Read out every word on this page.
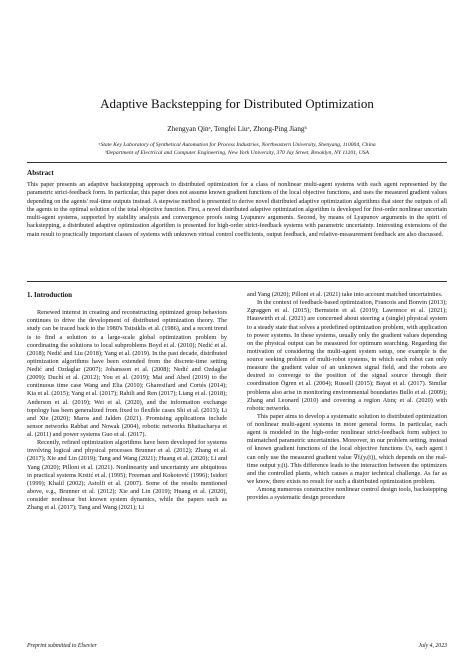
Adaptive Backstepping for Distributed Optimization
Zhengyan Qinᵃ, Tengfei Liuᵃ, Zhong-Ping Jiangᵇ
ᵃState Key Laboratory of Synthetical Automation for Process Industries, Northeastern University, Shenyang, 110004, China
ᵇDepartment of Electrical and Computer Engineering, New York University, 370 Jay Street, Brooklyn, NY 11201, USA
Abstract
This paper presents an adaptive backstepping approach to distributed optimization for a class of nonlinear multi-agent systems with each agent represented by the parametric strict-feedback form. In particular, this paper does not assume known gradient functions of the local objective functions, and uses the measured gradient values depending on the agents' real-time outputs instead. A stepwise method is presented to derive novel distributed adaptive optimization algorithms that steer the outputs of all the agents to the optimal solution of the total objective function. First, a novel distributed adaptive optimization algorithm is developed for first-order nonlinear uncertain multi-agent systems, supported by stability analysis and convergence proofs using Lyapunov arguments. Second, by means of Lyapunov arguments in the spirit of backstepping, a distributed adaptive optimization algorithm is presented for high-order strict-feedback systems with parametric uncertainty. Interesting extensions of the main result to practically important classes of systems with unknown virtual control coefficients, output feedback, and relative-measurement feedback are also discussed.

1. Introduction

Renewed interest in creating and reconstructing optimized group behaviors continues to drive the development of distributed optimization theory. The study can be traced back to the 1980's Tsitsiklis et al. (1986), and a recent trend is to find a solution to a large-scale global optimization problem by coordinating the solutions to local subproblems Boyd et al. (2010); Nedić et al. (2018); Nedić and Liu (2018); Yang et al. (2019). In the past decade, distributed optimization algorithms have been extended from the discrete-time setting Nedić and Ozdaglar (2007); Johansson et al. (2008); Nedić and Ozdaglar (2009); Duchi et al. (2012); You et al. (2019); Mai and Abed (2019) to the continuous time case Wang and Elia (2010); Gharesifard and Cortés (2014); Kia et al. (2015); Yang et al. (2017); Rahili and Ren (2017); Liang et al. (2018); Anderson et al. (2019); Wei et al. (2020), and the information exchange topology has been generalized from fixed to flexible cases Shi et al. (2013); Li and Xie (2020); Maros and Jalden (2021). Promising applications include sensor networks Rabbat and Nowak (2004), robotic networks Bhattacharya et al. (2011) and power systems Guo et al. (2017).

Recently, refined optimization algorithms have been developed for systems involving logical and physical processes Brunner et al. (2012); Zhang et al. (2017); Xie and Lin (2019); Tang and Wang (2021); Huang et al. (2020); Li and Yang (2020); Pilloni et al. (2021). Nonlinearity and uncertainty are ubiquitous in practical systems Krstić et al. (1995); Freeman and Kokotović (1996); Isidori (1999); Khalil (2002); Astolfi et al. (2007). Some of the results mentioned above, e.g., Brunner et al. (2012); Xie and Lin (2019); Huang et al. (2020), consider nonlinear but known system dynamics, while the papers such as Zhang et al. (2017); Tang and Wang (2021); Li

and Yang (2020); Pilloni et al. (2021) take into account matched uncertainties.

In the context of feedback-based optimization, Francois and Bonvin (2013); Zgraggen et al. (2015); Bernstein et al. (2019); Lawrence et al. (2021); Hauswirth et al. (2021) are concerned about steering a (single) physical system to a steady state that solves a predefined optimization problem, with application to power systems. In these systems, usually only the gradient values depending on the physical output can be measured for optimum searching. Regarding the motivation of considering the multi-agent system setup, one example is the source seeking problem of multi-robot systems, in which each robot can only measure the gradient value of an unknown signal field, and the robots are desired to converge to the position of the signal source through their coordination Ögren et al. (2004); Russell (2015); Bayat et al. (2017). Similar problems also arise in monitoring environmental boundaries Bullo et al. (2009); Zhang and Leonard (2010) and covering a region Atınç et al. (2020) with robotic networks.

This paper aims to develop a systematic solution to distributed optimization of nonlinear multi-agent systems in more general forms. In particular, each agent is modeled in the high-order nonlinear strict-feedback form subject to mismatched parametric uncertainties. Moreover, in our problem setting, instead of known gradient functions of the local objective functions fᵢ's, each agent i can only use the measured gradient value ∇fᵢ(yᵢ(t)), which depends on the real-time output yᵢ(t). This difference leads to the interaction between the optimizers and the controlled plants, which causes a major technical challenge. As far as we know, there exists no result for such a distributed optimization problem.

Among numerous constructive nonlinear control design tools, backstepping provides a systematic design procedure

Preprint submitted to Elsevier	July 4, 2023
